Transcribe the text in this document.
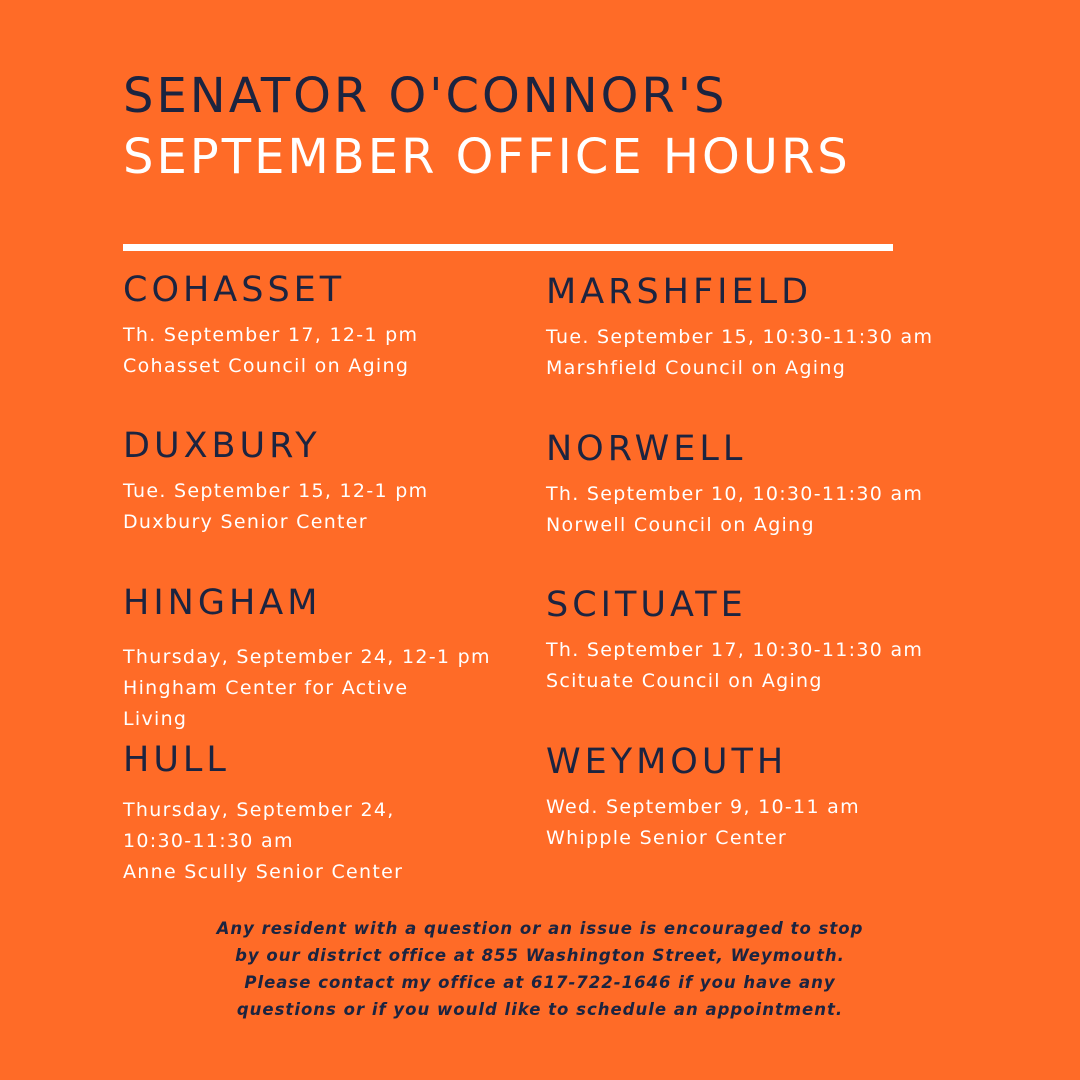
SENATOR O'CONNOR'S
SEPTEMBER OFFICE HOURS
COHASSET
Th. September 17, 12-1 pm
Cohasset Council on Aging
DUXBURY
Tue. September 15, 12-1 pm
Duxbury Senior Center
HINGHAM
Thursday, September 24, 12-1 pm
Hingham Center for Active Living
HULL
Thursday, September 24,
10:30-11:30 am
Anne Scully Senior Center
MARSHFIELD
Tue. September 15, 10:30-11:30 am
Marshfield Council on Aging
NORWELL
Th. September 10, 10:30-11:30 am
Norwell Council on Aging
SCITUATE
Th. September 17, 10:30-11:30 am
Scituate Council on Aging
WEYMOUTH
Wed. September 9, 10-11 am
Whipple Senior Center
Any resident with a question or an issue is encouraged to stop by our district office at 855 Washington Street, Weymouth. Please contact my office at 617-722-1646 if you have any questions or if you would like to schedule an appointment.
